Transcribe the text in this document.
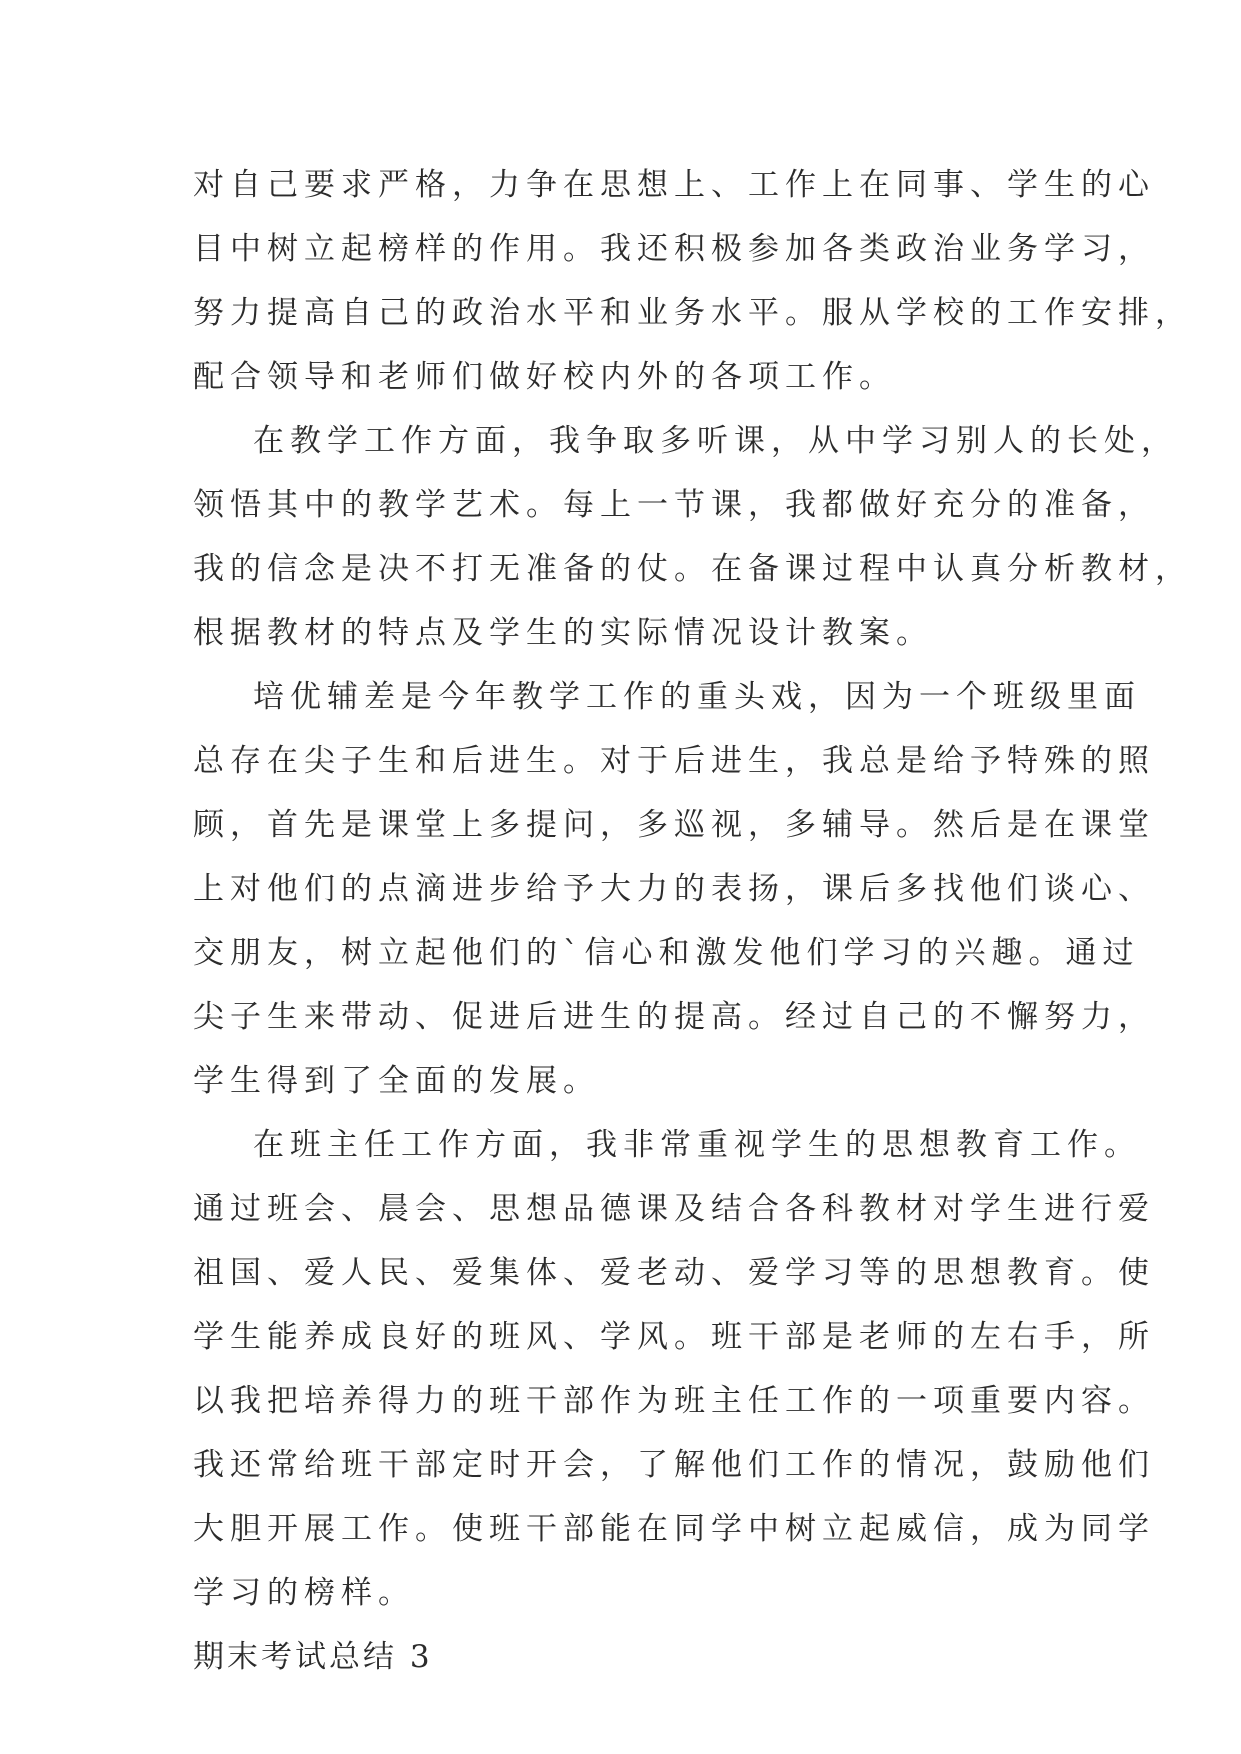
对自己要求严格，力争在思想上、工作上在同事、学生的心
目中树立起榜样的作用。我还积极参加各类政治业务学习，
努力提高自己的政治水平和业务水平。服从学校的工作安排，
配合领导和老师们做好校内外的各项工作。
在教学工作方面，我争取多听课，从中学习别人的长处，
领悟其中的教学艺术。每上一节课，我都做好充分的准备，
我的信念是决不打无准备的仗。在备课过程中认真分析教材，
根据教材的特点及学生的实际情况设计教案。
培优辅差是今年教学工作的重头戏，因为一个班级里面
总存在尖子生和后进生。对于后进生，我总是给予特殊的照
顾，首先是课堂上多提问，多巡视，多辅导。然后是在课堂
上对他们的点滴进步给予大力的表扬，课后多找他们谈心、
交朋友，树立起他们的`信心和激发他们学习的兴趣。通过
尖子生来带动、促进后进生的提高。经过自己的不懈努力，
学生得到了全面的发展。
在班主任工作方面，我非常重视学生的思想教育工作。
通过班会、晨会、思想品德课及结合各科教材对学生进行爱
祖国、爱人民、爱集体、爱老动、爱学习等的思想教育。使
学生能养成良好的班风、学风。班干部是老师的左右手，所
以我把培养得力的班干部作为班主任工作的一项重要内容。
我还常给班干部定时开会，了解他们工作的情况，鼓励他们
大胆开展工作。使班干部能在同学中树立起威信，成为同学
学习的榜样。
期末考试总结 3
